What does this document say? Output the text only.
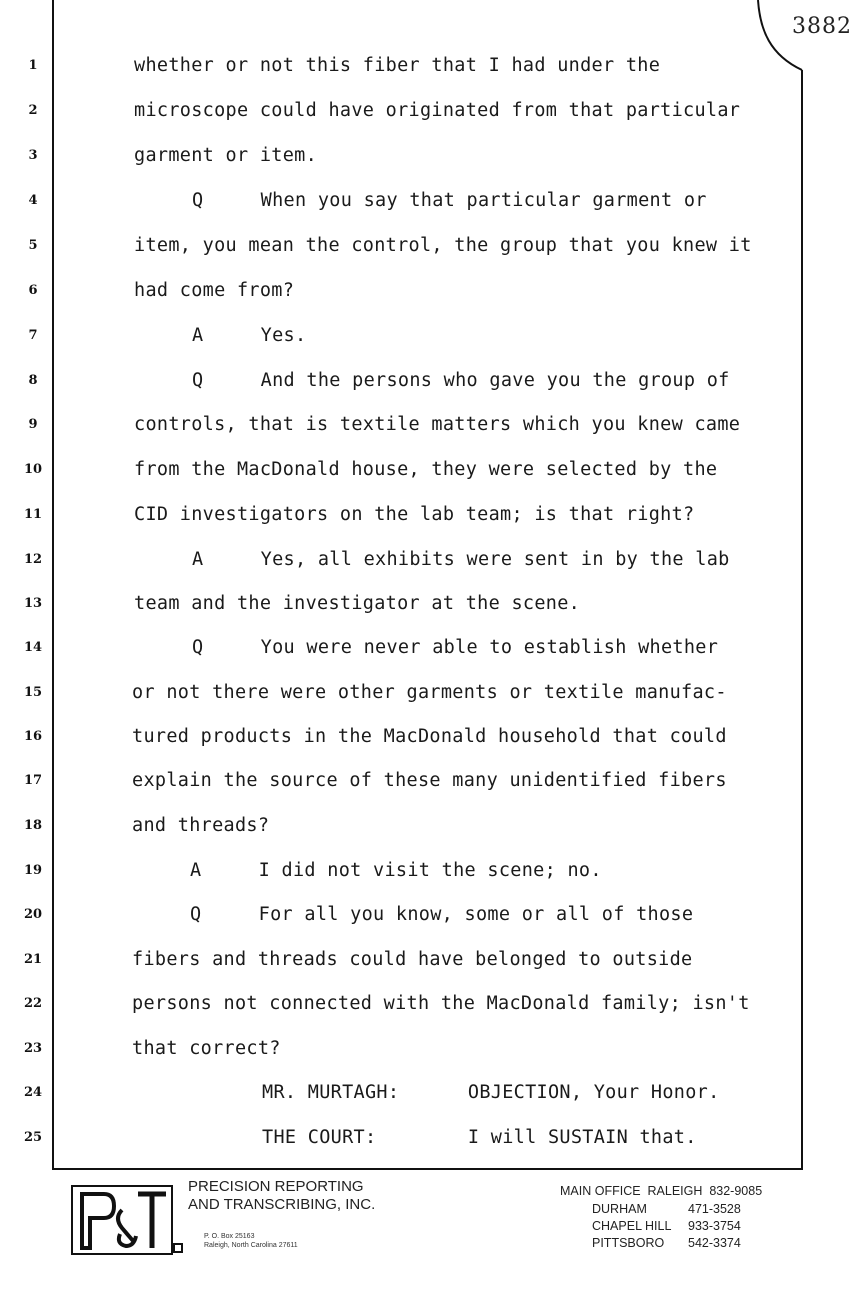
3882
1
2
3
4
5
6
7
8
9
10
11
12
13
14
15
16
17
18
19
20
21
22
23
24
25
whether or not this fiber that I had under the
microscope could have originated from that particular
garment or item.
Q     When you say that particular garment or
item, you mean the control, the group that you knew it
had come from?
A     Yes.
Q     And the persons who gave you the group of
controls, that is textile matters which you knew came
from the MacDonald house, they were selected by the
CID investigators on the lab team; is that right?
A     Yes, all exhibits were sent in by the lab
team and the investigator at the scene.
Q     You were never able to establish whether
or not there were other garments or textile manufac-
tured products in the MacDonald household that could
explain the source of these many unidentified fibers
and threads?
A     I did not visit the scene; no.
Q     For all you know, some or all of those
fibers and threads could have belonged to outside
persons not connected with the MacDonald family; isn't
that correct?
MR. MURTAGH:      OBJECTION, Your Honor.
THE COURT:        I will SUSTAIN that.
PRECISION REPORTING
AND TRANSCRIBING, INC.
P. O. Box 25163
Raleigh, North Carolina 27611
MAIN OFFICE  RALEIGH  832-9085

DURHAM

	471-3528

CHAPEL HILL

933-3754

PITTSBORO

542-3374
